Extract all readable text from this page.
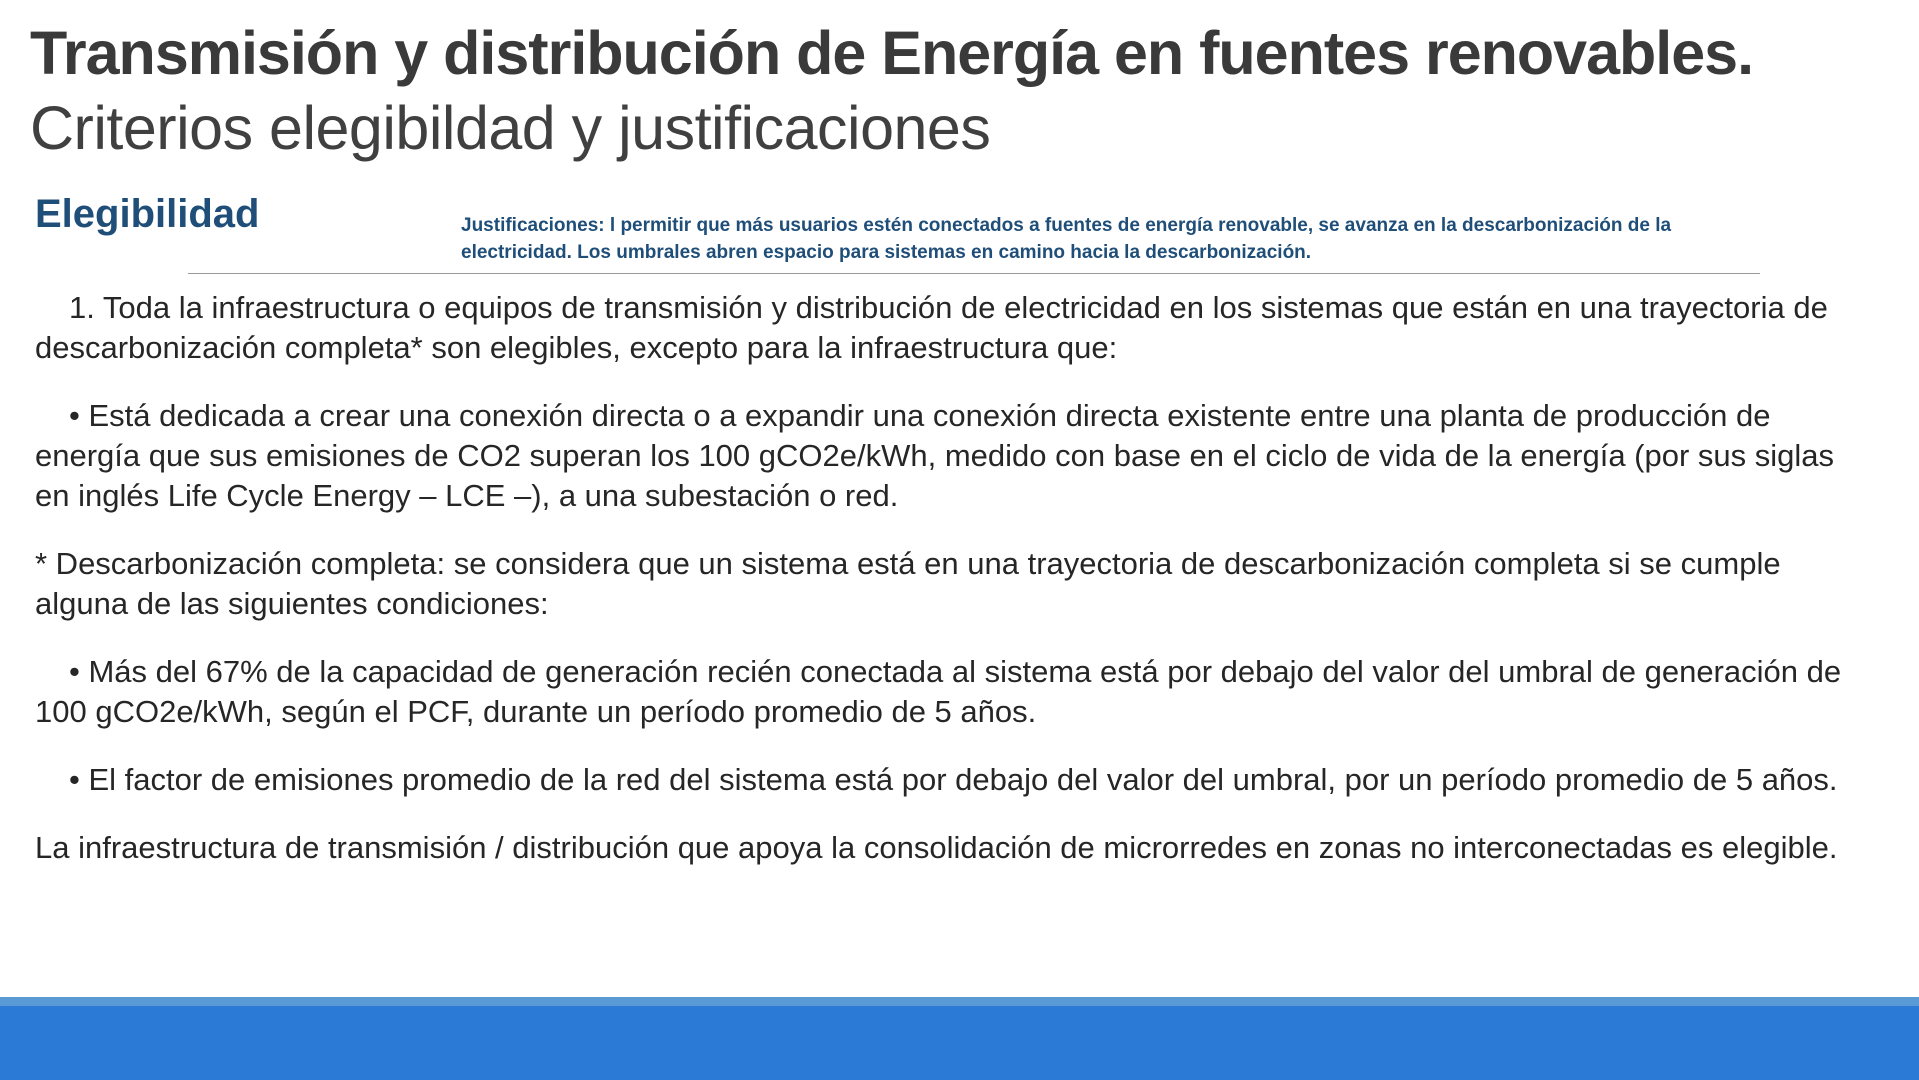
Transmisión y distribución de Energía en fuentes renovables.
Criterios elegibildad y justificaciones
Elegibilidad	Justificaciones: l permitir que más usuarios estén conectados a fuentes de energía renovable, se avanza en la descarbonización de la electricidad. Los umbrales abren espacio para sistemas en camino hacia la descarbonización.

1. Toda la infraestructura o equipos de transmisión y distribución de electricidad en los sistemas que están en una trayectoria de descarbonización completa* son elegibles, excepto para la infraestructura que:

• Está dedicada a crear una conexión directa o a expandir una conexión directa existente entre una planta de producción de energía que sus emisiones de CO2 superan los 100 gCO2e/kWh, medido con base en el ciclo de vida de la energía (por sus siglas en inglés Life Cycle Energy – LCE –), a una subestación o red.

* Descarbonización completa: se considera que un sistema está en una trayectoria de descarbonización completa si se cumple alguna de las siguientes condiciones:

• Más del 67% de la capacidad de generación recién conectada al sistema está por debajo del valor del umbral de generación de 100 gCO2e/kWh, según el PCF, durante un período promedio de 5 años.

• El factor de emisiones promedio de la red del sistema está por debajo del valor del umbral, por un período promedio de 5 años.

La infraestructura de transmisión / distribución que apoya la consolidación de microrredes en zonas no interconectadas es elegible.
